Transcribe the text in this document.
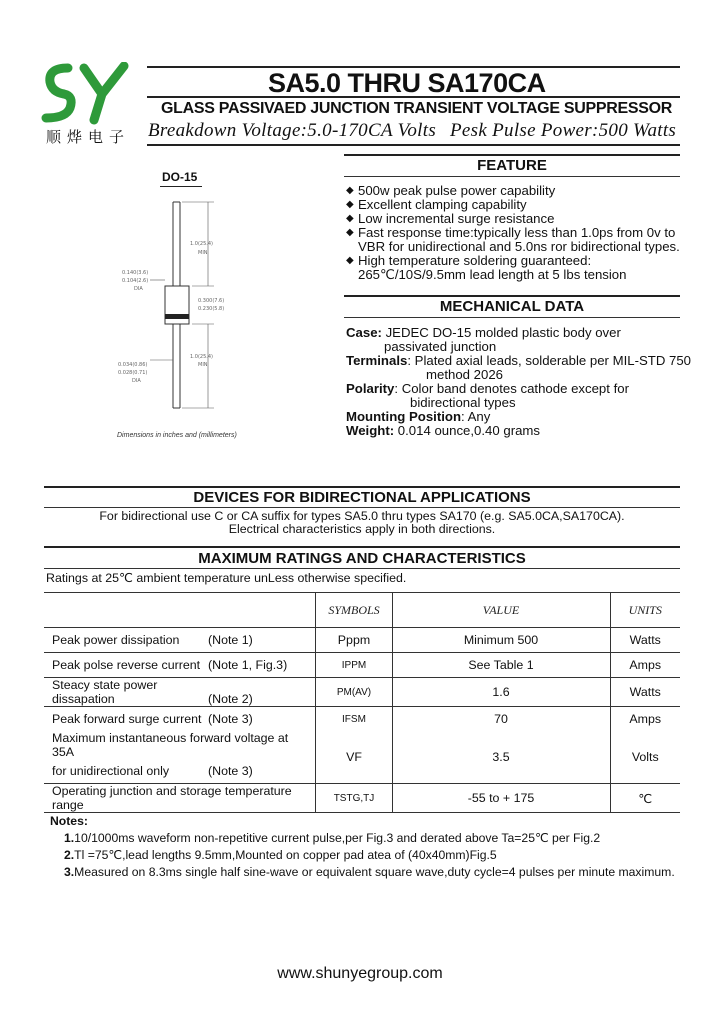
顺烨电子
SA5.0 THRU SA170CA
GLASS PASSIVAED JUNCTION TRANSIENT VOLTAGE SUPPRESSOR
Breakdown Voltage:5.0-170CA Volts Pesk Pulse Power:500 Watts
DO-15
1.0(25.4)
MIN
0.140(3.6)
0.104(2.6)
DIA
0.300(7.6)
0.230(5.8)
1.0(25.4)
MIN
0.034(0.86)
0.028(0.71)
DIA
Dimensions in inches and (millimeters)
FEATURE
◆ 500w peak pulse power capability
◆ Excellent clamping capability
◆ Low incremental surge resistance
◆ Fast response time:typically less than 1.0ps from 0v to
VBR for unidirectional and 5.0ns ror bidirectional types.
◆ High temperature soldering guaranteed:
265℃/10S/9.5mm lead length at 5 lbs tension
MECHANICAL DATA
Case: JEDEC DO-15 molded plastic body over
passivated junction
Terminals: Plated axial leads, solderable per MIL-STD 750
method 2026
Polarity: Color band denotes cathode except for
bidirectional types
Mounting Position: Any
Weight: 0.014 ounce,0.40 grams
DEVICES FOR BIDIRECTIONAL APPLICATIONS
For bidirectional use C or CA suffix for types SA5.0 thru types SA170 (e.g. SA5.0CA,SA170CA).
Electrical characteristics apply in both directions.
MAXIMUM RATINGS AND CHARACTERISTICS
Ratings at 25℃ ambient temperature unLess otherwise specified.
	SYMBOLS	VALUE	UNITS
Peak power dissipation (Note 1)	Pppm	Minimum 500	Watts
Peak polse reverse current (Note 1, Fig.3)	IPPM	See Table 1	Amps
Steacy state power dissapation (Note 2)	PM(AV)	1.6	Watts
Peak forward surge current (Note 3)	IFSM	70	Amps
Maximum instantaneous forward voltage at 35A	VF	3.5	Volts
for unidirectional only (Note 3)			
Operating junction and storage temperature range	TSTG,TJ	-55 to + 175	℃
Notes:
1.10/1000ms waveform non-repetitive current pulse,per Fig.3 and derated above Ta=25℃ per Fig.2
2.Tl =75℃,lead lengths 9.5mm,Mounted on copper pad atea of (40x40mm)Fig.5
3.Measured on 8.3ms single half sine-wave or equivalent square wave,duty cycle=4 pulses per minute maximum.
www.shunyegroup.com
